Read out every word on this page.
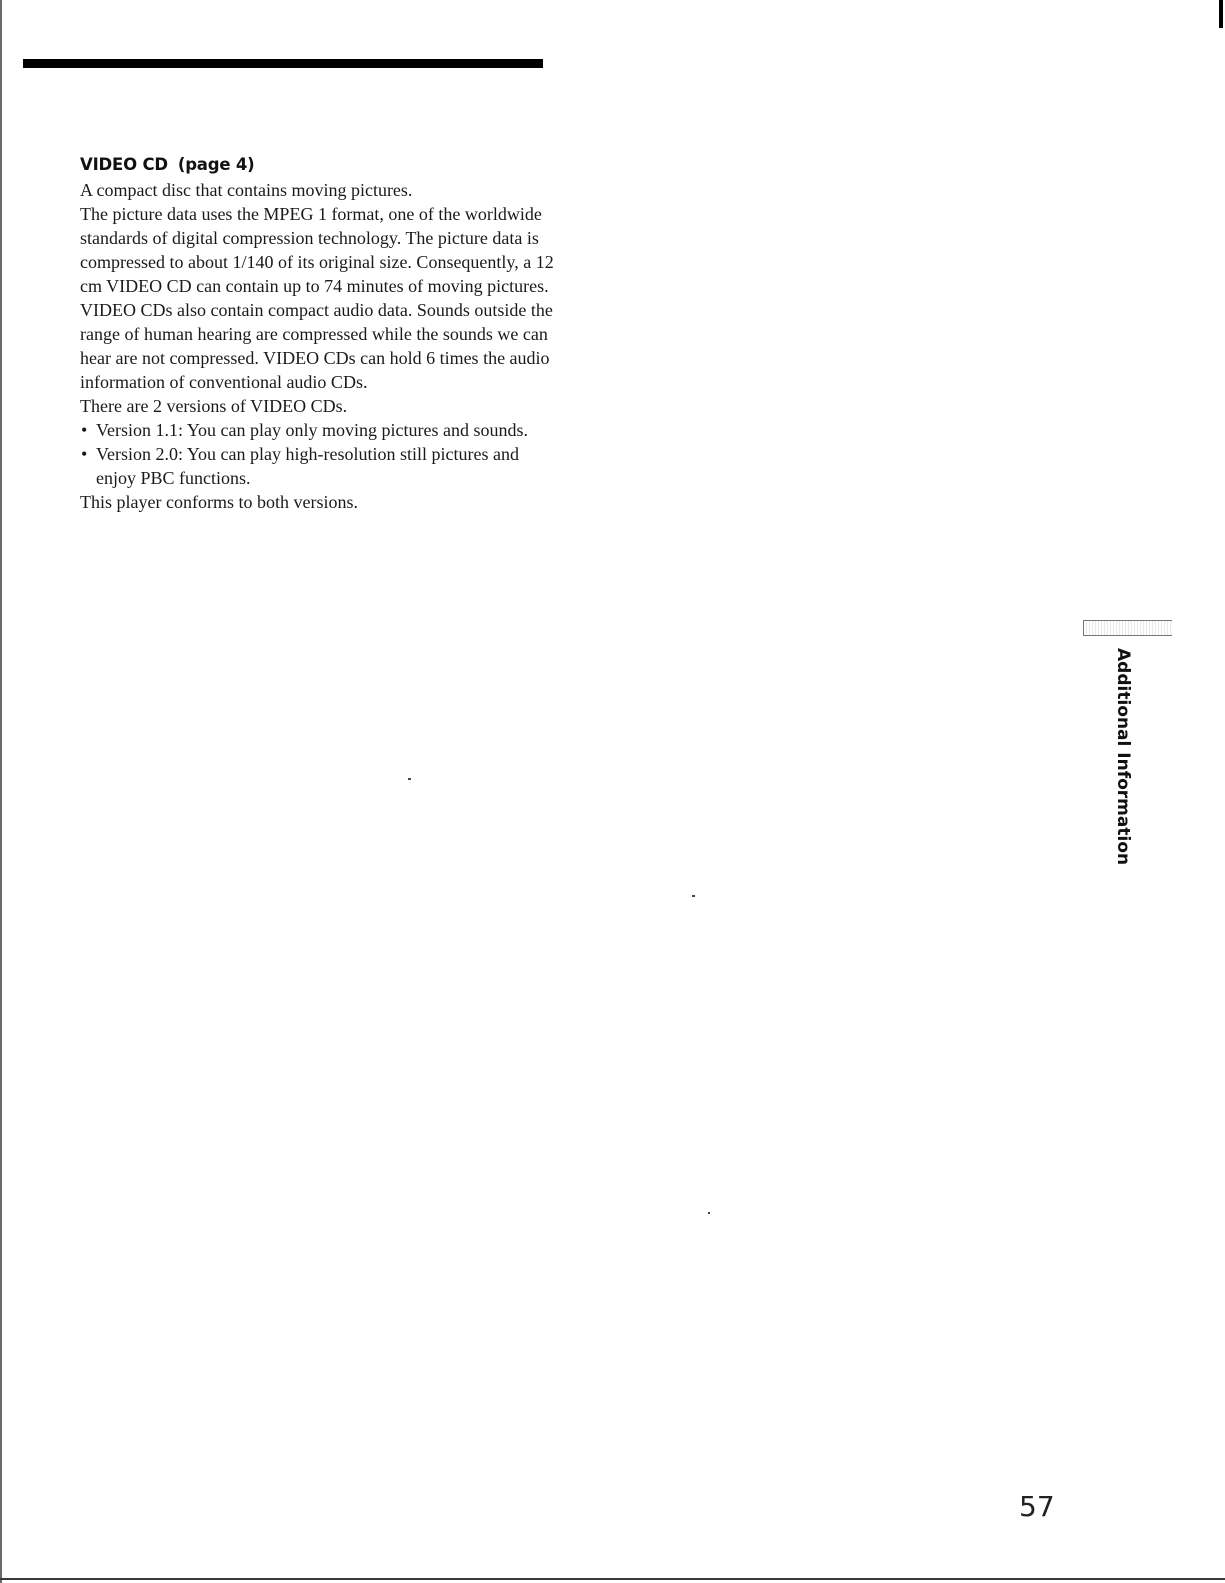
VIDEO CD (page 4)

A compact disc that contains moving pictures.

The picture data uses the MPEG 1 format, one of the worldwide standards of digital compression technology. The picture data is compressed to about 1/140 of its original size. Consequently, a 12 cm VIDEO CD can contain up to 74 minutes of moving pictures.

VIDEO CDs also contain compact audio data. Sounds outside the range of human hearing are compressed while the sounds we can hear are not compressed. VIDEO CDs can hold 6 times the audio information of conventional audio CDs.

There are 2 versions of VIDEO CDs.

• Version 1.1: You can play only moving pictures and sounds.
• Version 2.0: You can play high-resolution still pictures and enjoy PBC functions.

This player conforms to both versions.

Additional Information
57
